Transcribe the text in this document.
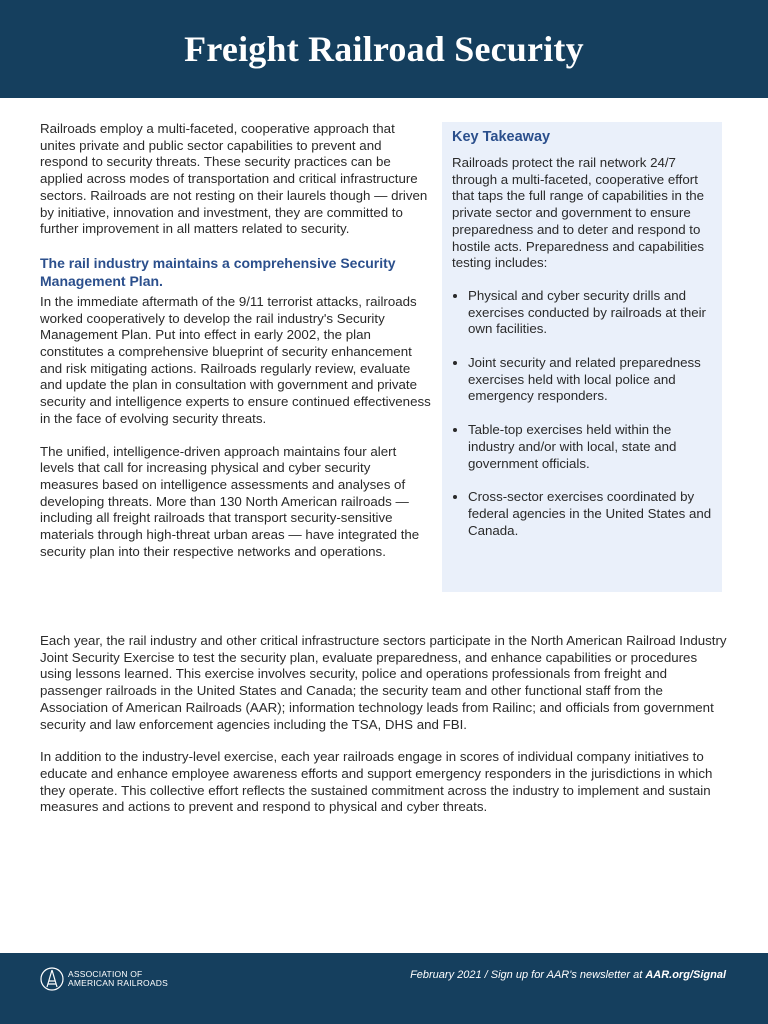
Freight Railroad Security

Railroads employ a multi-faceted, cooperative approach that unites private and public sector capabilities to prevent and respond to security threats. These security practices can be applied across modes of transportation and critical infrastructure sectors. Railroads are not resting on their laurels though — driven by initiative, innovation and investment, they are committed to further improvement in all matters related to security.

The rail industry maintains a comprehensive Security Management Plan.

In the immediate aftermath of the 9/11 terrorist attacks, railroads worked cooperatively to develop the rail industry's Security Management Plan. Put into effect in early 2002, the plan constitutes a comprehensive blueprint of security enhancement and risk mitigating actions. Railroads regularly review, evaluate and update the plan in consultation with government and private security and intelligence experts to ensure continued effectiveness in the face of evolving security threats.

The unified, intelligence-driven approach maintains four alert levels that call for increasing physical and cyber security measures based on intelligence assessments and analyses of developing threats. More than 130 North American railroads — including all freight railroads that transport security-sensitive materials through high-threat urban areas — have integrated the security plan into their respective networks and operations.

Key Takeaway

Railroads protect the rail network 24/7 through a multi-faceted, cooperative effort that taps the full range of capabilities in the private sector and government to ensure preparedness and to deter and respond to hostile acts. Preparedness and capabilities testing includes:

• Physical and cyber security drills and exercises conducted by railroads at their own facilities.
• Joint security and related preparedness exercises held with local police and emergency responders.
• Table-top exercises held within the industry and/or with local, state and government officials.
• Cross-sector exercises coordinated by federal agencies in the United States and Canada.

Each year, the rail industry and other critical infrastructure sectors participate in the North American Railroad Industry Joint Security Exercise to test the security plan, evaluate preparedness, and enhance capabilities or procedures using lessons learned. This exercise involves security, police and operations professionals from freight and passenger railroads in the United States and Canada; the security team and other functional staff from the Association of American Railroads (AAR); information technology leads from Railinc; and officials from government security and law enforcement agencies including the TSA, DHS and FBI.

In addition to the industry-level exercise, each year railroads engage in scores of individual company initiatives to educate and enhance employee awareness efforts and support emergency responders in the jurisdictions in which they operate. This collective effort reflects the sustained commitment across the industry to implement and sustain measures and actions to prevent and respond to physical and cyber threats.

ASSOCIATION OF
AMERICAN RAILROADS
February 2021 / Sign up for AAR's newsletter at AAR.org/Signal
